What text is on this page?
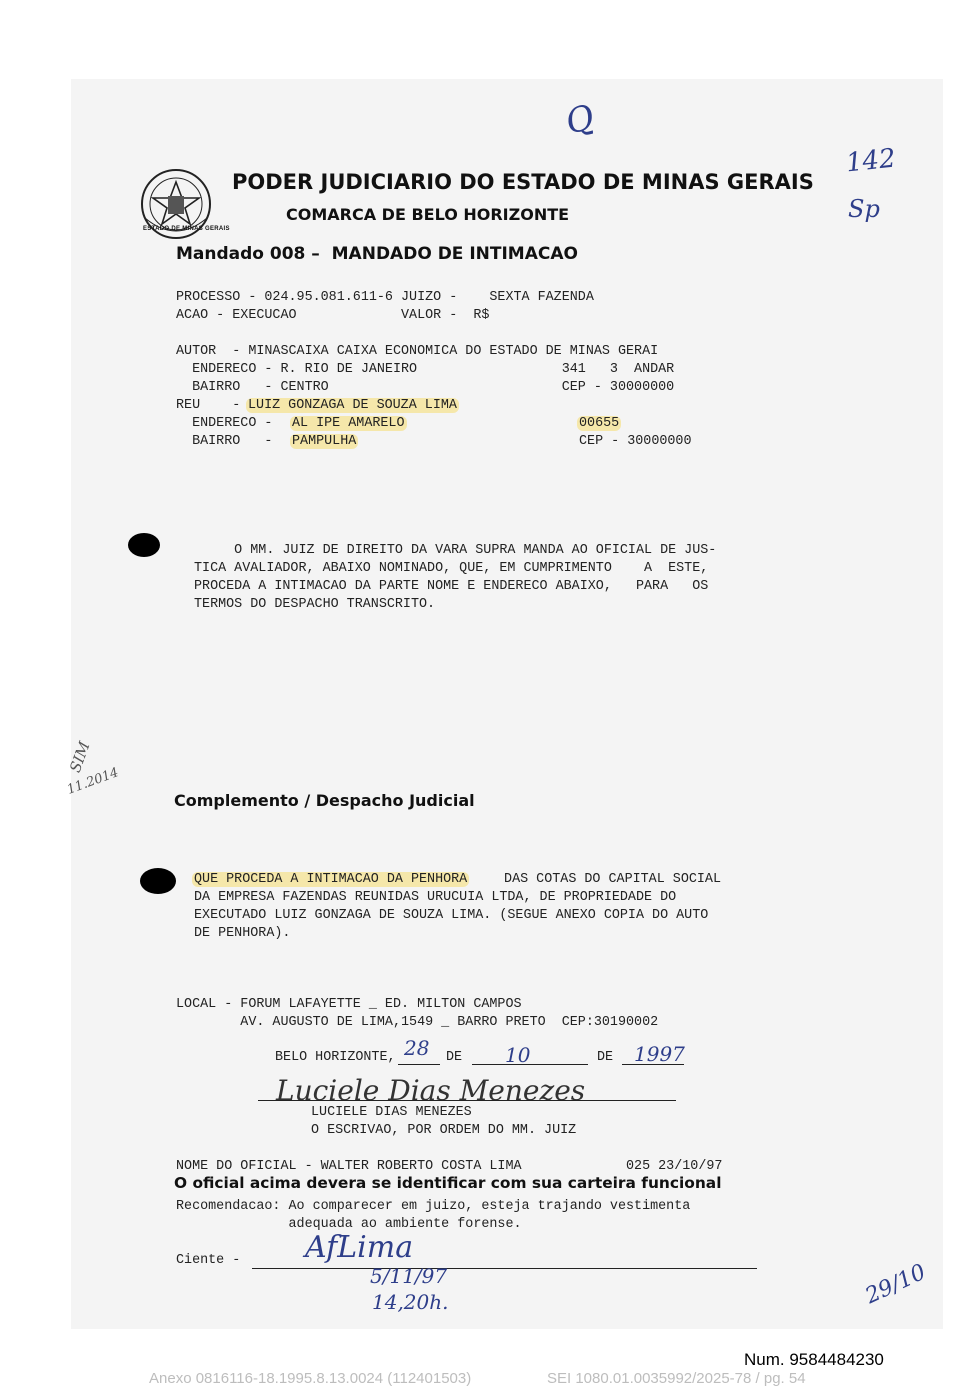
ESTADO DE MINAS GERAIS
PODER JUDICIARIO DO ESTADO DE MINAS GERAIS
COMARCA DE BELO HORIZONTE
Mandado 008 –  MANDADO DE INTIMACAO
Q
142
Sp
PROCESSO - 024.95.081.611-6 JUIZO -    SEXTA FAZENDA
ACAO - EXECUCAO             VALOR -  R$
AUTOR  - MINASCAIXA CAIXA ECONOMICA DO ESTADO DE MINAS GERAI
ENDERECO - R. RIO DE JANEIRO                  341   3  ANDAR
BAIRRO   - CENTRO                             CEP - 30000000
REU    - LUIZ GONZAGA DE SOUZA LIMA
ENDERECO - AL IPE AMARELO	00655
BAIRRO   - PAMPULHA	CEP - 30000000
O MM. JUIZ DE DIREITO DA VARA SUPRA MANDA AO OFICIAL DE JUS-
TICA AVALIADOR, ABAIXO NOMINADO, QUE, EM CUMPRIMENTO    A  ESTE,
PROCEDA A INTIMACAO DA PARTE NOME E ENDERECO ABAIXO,   PARA   OS
TERMOS DO DESPACHO TRANSCRITO.
SIM
11.2014
Complemento / Despacho Judicial
QUE PROCEDA A INTIMACAO DA PENHORA DAS COTAS DO CAPITAL SOCIAL
DA EMPRESA FAZENDAS REUNIDAS URUCUIA LTDA, DE PROPRIEDADE DO
EXECUTADO LUIZ GONZAGA DE SOUZA LIMA. (SEGUE ANEXO COPIA DO AUTO
DE PENHORA).
LOCAL - FORUM LAFAYETTE _ ED. MILTON CAMPOS
AV. AUGUSTO DE LIMA,1549 _ BARRO PRETO  CEP:30190002
BELO HORIZONTE, 28 DE 10	DE 1997
Luciele Dias Menezes
LUCIELE DIAS MENEZES
O ESCRIVAO, POR ORDEM DO MM. JUIZ
NOME DO OFICIAL - WALTER ROBERTO COSTA LIMA             025 23/10/97
O oficial acima devera se identificar com sua carteira funcional
Recomendacao: Ao comparecer em juizo, esteja trajando vestimenta
adequada ao ambiente forense.
Ciente - AfLima
5/11/97
14,20h.	29/10
Num. 9584484230
Anexo 0816116-18.1995.8.13.0024 (112401503)	SEI 1080.01.0035992/2025-78 / pg. 54
